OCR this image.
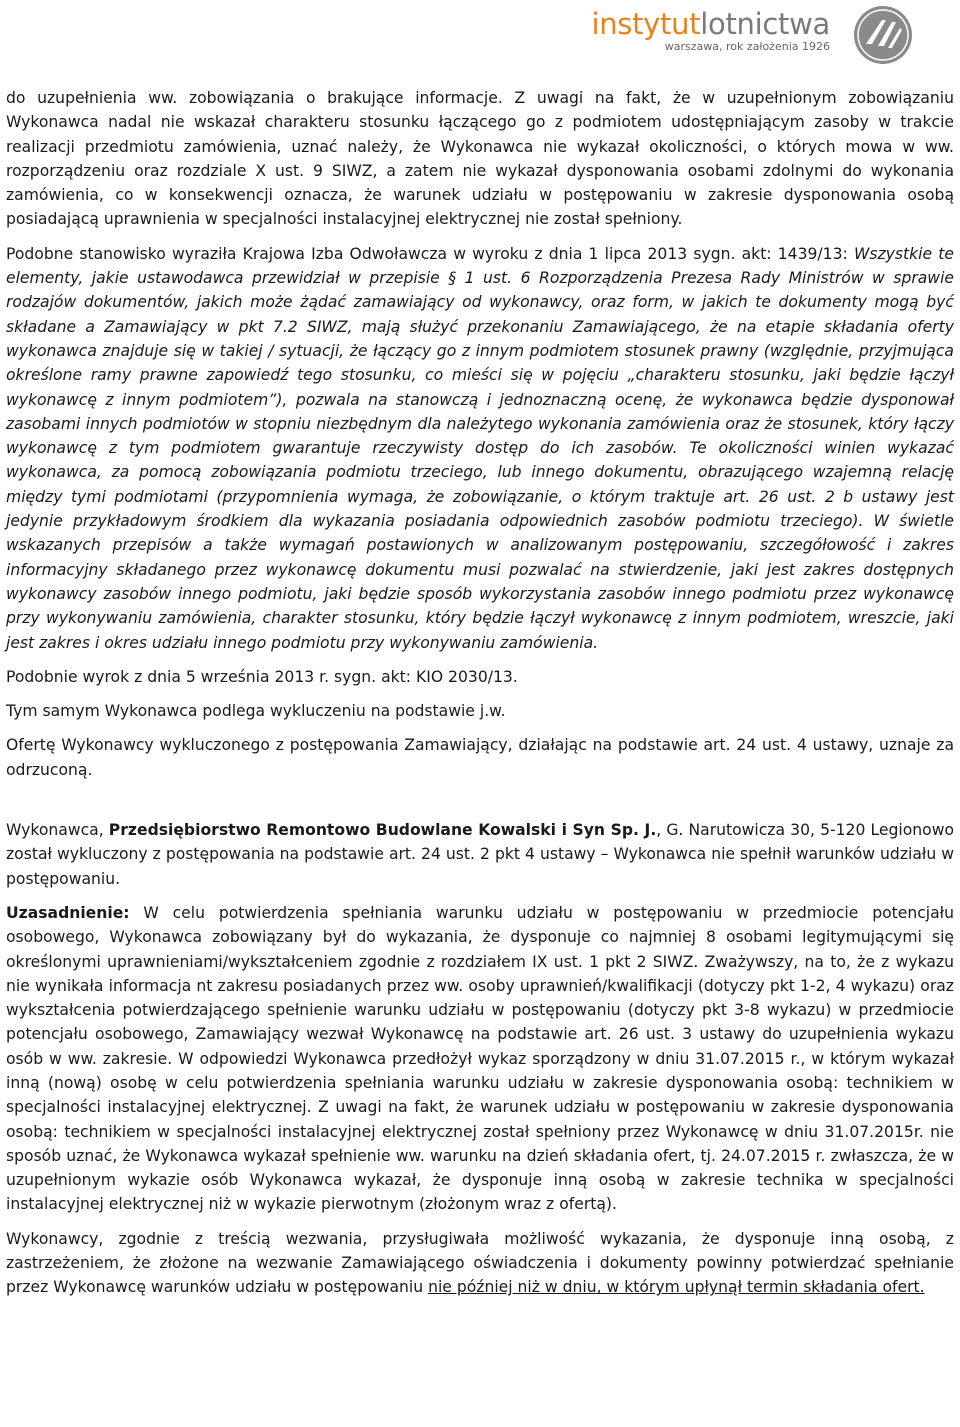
instytutlotnictwa
warszawa, rok założenia 1926

do uzupełnienia ww. zobowiązania o brakujące informacje. Z uwagi na fakt, że w uzupełnionym zobowiązaniu Wykonawca nadal nie wskazał charakteru stosunku łączącego go z podmiotem udostępniającym zasoby w trakcie realizacji przedmiotu zamówienia, uznać należy, że Wykonawca nie wykazał okoliczności, o których mowa w ww. rozporządzeniu oraz rozdziale X ust. 9 SIWZ, a zatem nie wykazał dysponowania osobami zdolnymi do wykonania zamówienia, co w konsekwencji oznacza, że warunek udziału w postępowaniu w zakresie dysponowania osobą posiadającą uprawnienia w specjalności instalacyjnej elektrycznej nie został spełniony.

Podobne stanowisko wyraziła Krajowa Izba Odwoławcza w wyroku z dnia 1 lipca 2013 sygn. akt: 1439/13: Wszystkie te elementy, jakie ustawodawca przewidział w przepisie § 1 ust. 6 Rozporządzenia Prezesa Rady Ministrów w sprawie rodzajów dokumentów, jakich może żądać zamawiający od wykonawcy, oraz form, w jakich te dokumenty mogą być składane a Zamawiający w pkt 7.2 SIWZ, mają służyć przekonaniu Zamawiającego, że na etapie składania oferty wykonawca znajduje się w takiej / sytuacji, że łączący go z innym podmiotem stosunek prawny (względnie, przyjmująca określone ramy prawne zapowiedź tego stosunku, co mieści się w pojęciu „charakteru stosunku, jaki będzie łączył wykonawcę z innym podmiotem”), pozwala na stanowczą i jednoznaczną ocenę, że wykonawca będzie dysponował zasobami innych podmiotów w stopniu niezbędnym dla należytego wykonania zamówienia oraz że stosunek, który łączy wykonawcę z tym podmiotem gwarantuje rzeczywisty dostęp do ich zasobów. Te okoliczności winien wykazać wykonawca, za pomocą zobowiązania podmiotu trzeciego, lub innego dokumentu, obrazującego wzajemną relację między tymi podmiotami (przypomnienia wymaga, że zobowiązanie, o którym traktuje art. 26 ust. 2 b ustawy jest jedynie przykładowym środkiem dla wykazania posiadania odpowiednich zasobów podmiotu trzeciego). W świetle wskazanych przepisów a także wymagań postawionych w analizowanym postępowaniu, szczegółowość i zakres informacyjny składanego przez wykonawcę dokumentu musi pozwalać na stwierdzenie, jaki jest zakres dostępnych wykonawcy zasobów innego podmiotu, jaki będzie sposób wykorzystania zasobów innego podmiotu przez wykonawcę przy wykonywaniu zamówienia, charakter stosunku, który będzie łączył wykonawcę z innym podmiotem, wreszcie, jaki jest zakres i okres udziału innego podmiotu przy wykonywaniu zamówienia.

Podobnie wyrok z dnia 5 września 2013 r. sygn. akt: KIO 2030/13.

Tym samym Wykonawca podlega wykluczeniu na podstawie j.w.

Ofertę Wykonawcy wykluczonego z postępowania Zamawiający, działając na podstawie art. 24 ust. 4 ustawy, uznaje za odrzuconą.

Wykonawca, Przedsiębiorstwo Remontowo Budowlane Kowalski i Syn Sp. J., G. Narutowicza 30, 5-120 Legionowo został wykluczony z postępowania na podstawie art. 24 ust. 2 pkt 4 ustawy – Wykonawca nie spełnił warunków udziału w postępowaniu.

Uzasadnienie: W celu potwierdzenia spełniania warunku udziału w postępowaniu w przedmiocie potencjału osobowego, Wykonawca zobowiązany był do wykazania, że dysponuje co najmniej 8 osobami legitymującymi się określonymi uprawnieniami/wykształceniem zgodnie z rozdziałem IX ust. 1 pkt 2 SIWZ. Zważywszy, na to, że z wykazu nie wynikała informacja nt zakresu posiadanych przez ww. osoby uprawnień/kwalifikacji (dotyczy pkt 1-2, 4 wykazu) oraz wykształcenia potwierdzającego spełnienie warunku udziału w postępowaniu (dotyczy pkt 3-8 wykazu) w przedmiocie potencjału osobowego, Zamawiający wezwał Wykonawcę na podstawie art. 26 ust. 3 ustawy do uzupełnienia wykazu osób w ww. zakresie. W odpowiedzi Wykonawca przedłożył wykaz sporządzony w dniu 31.07.2015 r., w którym wykazał inną (nową) osobę w celu potwierdzenia spełniania warunku udziału w zakresie dysponowania osobą: technikiem w specjalności instalacyjnej elektrycznej. Z uwagi na fakt, że warunek udziału w postępowaniu w zakresie dysponowania osobą: technikiem w specjalności instalacyjnej elektrycznej został spełniony przez Wykonawcę w dniu 31.07.2015r. nie sposób uznać, że Wykonawca wykazał spełnienie ww. warunku na dzień składania ofert, tj. 24.07.2015 r. zwłaszcza, że w uzupełnionym wykazie osób Wykonawca wykazał, że dysponuje inną osobą w zakresie technika w specjalności instalacyjnej elektrycznej niż w wykazie pierwotnym (złożonym wraz z ofertą).

Wykonawcy, zgodnie z treścią wezwania, przysługiwała możliwość wykazania, że dysponuje inną osobą, z zastrzeżeniem, że złożone na wezwanie Zamawiającego oświadczenia i dokumenty powinny potwierdzać spełnianie przez Wykonawcę warunków udziału w postępowaniu nie później niż w dniu, w którym upłynął termin składania ofert.
